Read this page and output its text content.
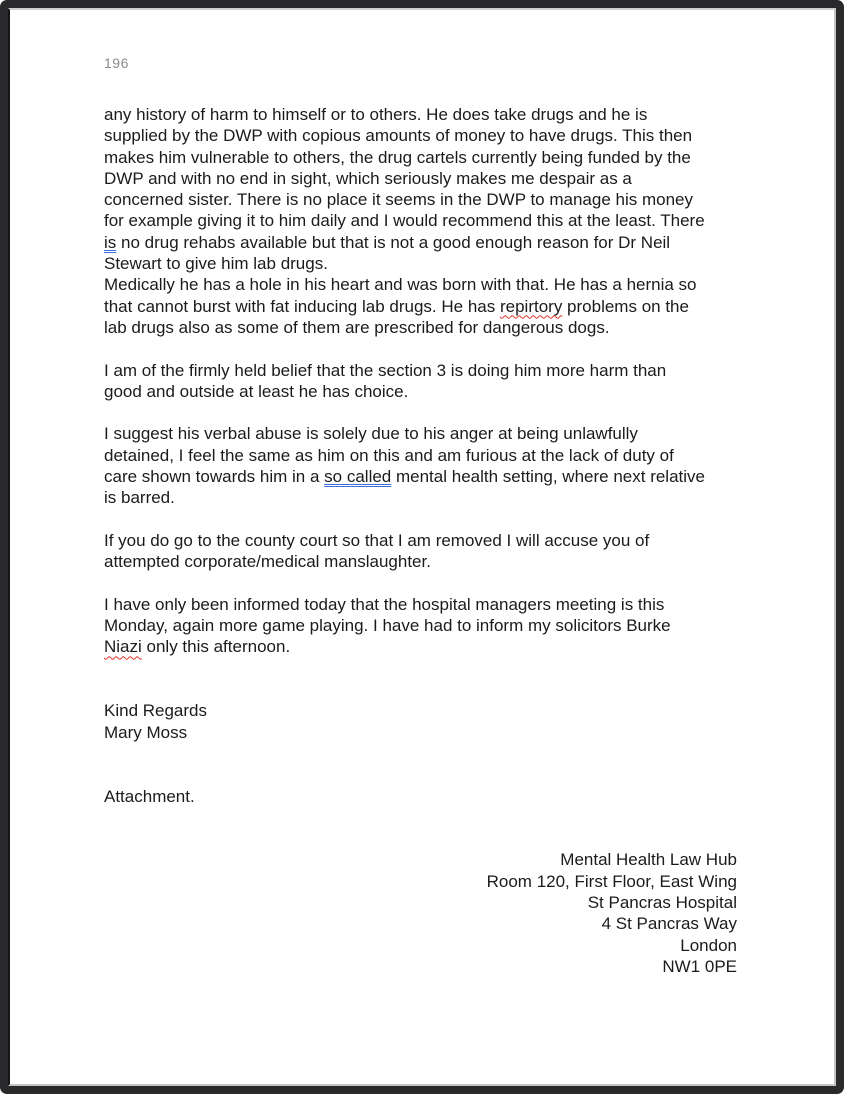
196
any history of harm to himself or to others. He does take drugs and he is
supplied by the DWP with copious amounts of money to have drugs. This then
makes him vulnerable to others, the drug cartels currently being funded by the
DWP and with no end in sight, which seriously makes me despair as a
concerned sister. There is no place it seems in the DWP to manage his money
for example giving it to him daily and I would recommend this at the least. There
is no drug rehabs available but that is not a good enough reason for Dr Neil
Stewart to give him lab drugs.
Medically he has a hole in his heart and was born with that. He has a hernia so
that cannot burst with fat inducing lab drugs. He has repirtory problems on the
lab drugs also as some of them are prescribed for dangerous dogs.
I am of the firmly held belief that the section 3 is doing him more harm than
good and outside at least he has choice.
I suggest his verbal abuse is solely due to his anger at being unlawfully
detained, I feel the same as him on this and am furious at the lack of duty of
care shown towards him in a so called mental health setting, where next relative
is barred.
If you do go to the county court so that I am removed I will accuse you of
attempted corporate/medical manslaughter.
I have only been informed today that the hospital managers meeting is this
Monday, again more game playing. I have had to inform my solicitors Burke
Niazi only this afternoon.
Kind Regards
Mary Moss
Attachment.
Mental Health Law Hub
Room 120, First Floor, East Wing
St Pancras Hospital
4 St Pancras Way
London
NW1 0PE
